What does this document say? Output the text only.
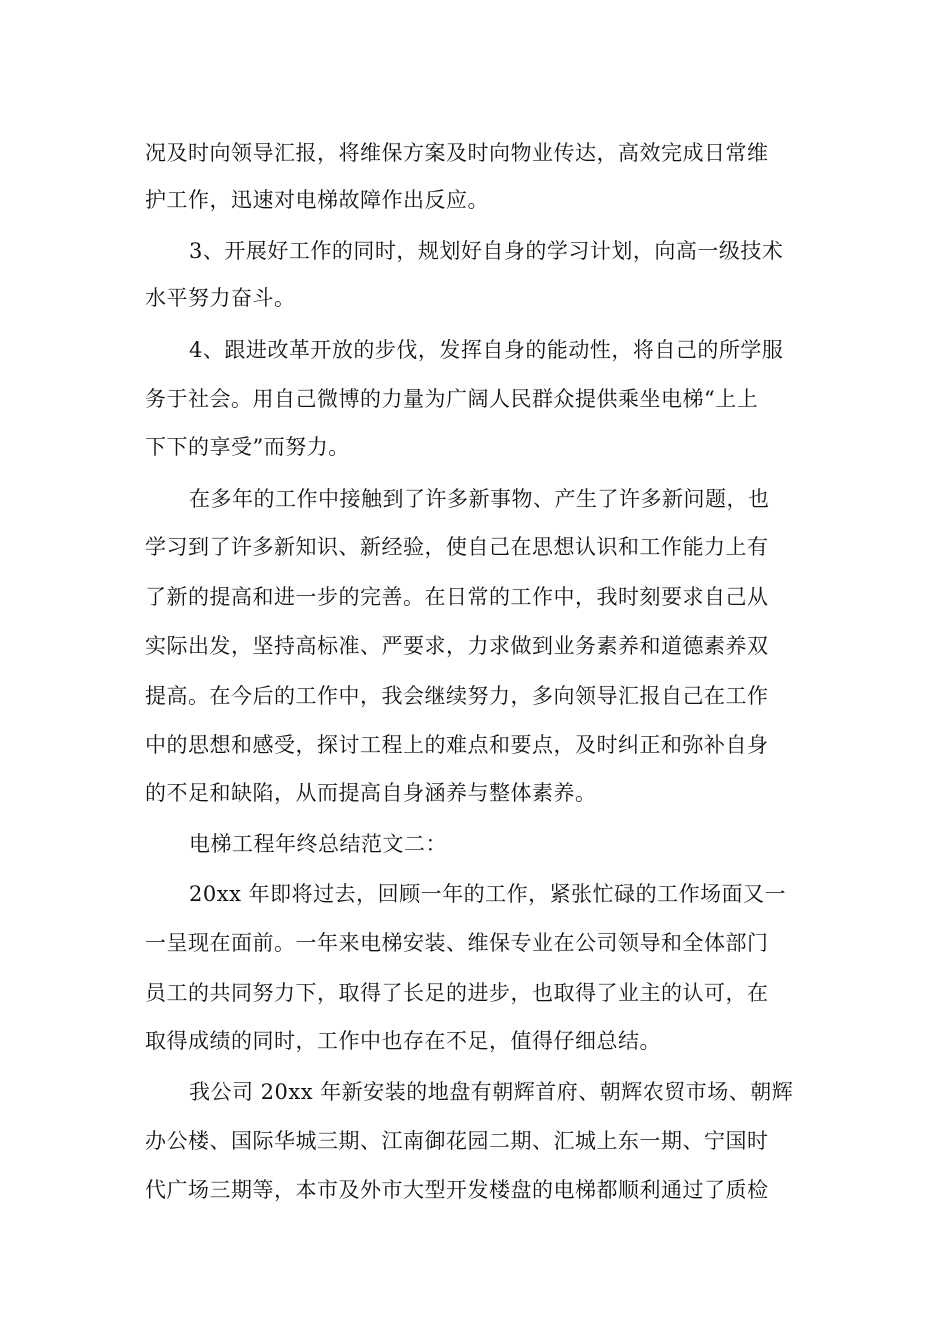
况及时向领导汇报，将维保方案及时向物业传达，高效完成日常维
护工作，迅速对电梯故障作出反应。
3、开展好工作的同时，规划好自身的学习计划，向高一级技术
水平努力奋斗。
4、跟进改革开放的步伐，发挥自身的能动性，将自己的所学服
务于社会。用自己微博的力量为广阔人民群众提供乘坐电梯“上上
下下的享受”而努力。
在多年的工作中接触到了许多新事物、产生了许多新问题，也
学习到了许多新知识、新经验，使自己在思想认识和工作能力上有
了新的提高和进一步的完善。在日常的工作中，我时刻要求自己从
实际出发，坚持高标准、严要求，力求做到业务素养和道德素养双
提高。在今后的工作中，我会继续努力，多向领导汇报自己在工作
中的思想和感受，探讨工程上的难点和要点，及时纠正和弥补自身
的不足和缺陷，从而提高自身涵养与整体素养。
电梯工程年终总结范文二：
20xx 年即将过去，回顾一年的工作，紧张忙碌的工作场面又一
一呈现在面前。一年来电梯安装、维保专业在公司领导和全体部门
员工的共同努力下，取得了长足的进步，也取得了业主的认可，在
取得成绩的同时，工作中也存在不足，值得仔细总结。
我公司 20xx 年新安装的地盘有朝辉首府、朝辉农贸市场、朝辉
办公楼、国际华城三期、江南御花园二期、汇城上东一期、宁国时
代广场三期等，本市及外市大型开发楼盘的电梯都顺利通过了质检
